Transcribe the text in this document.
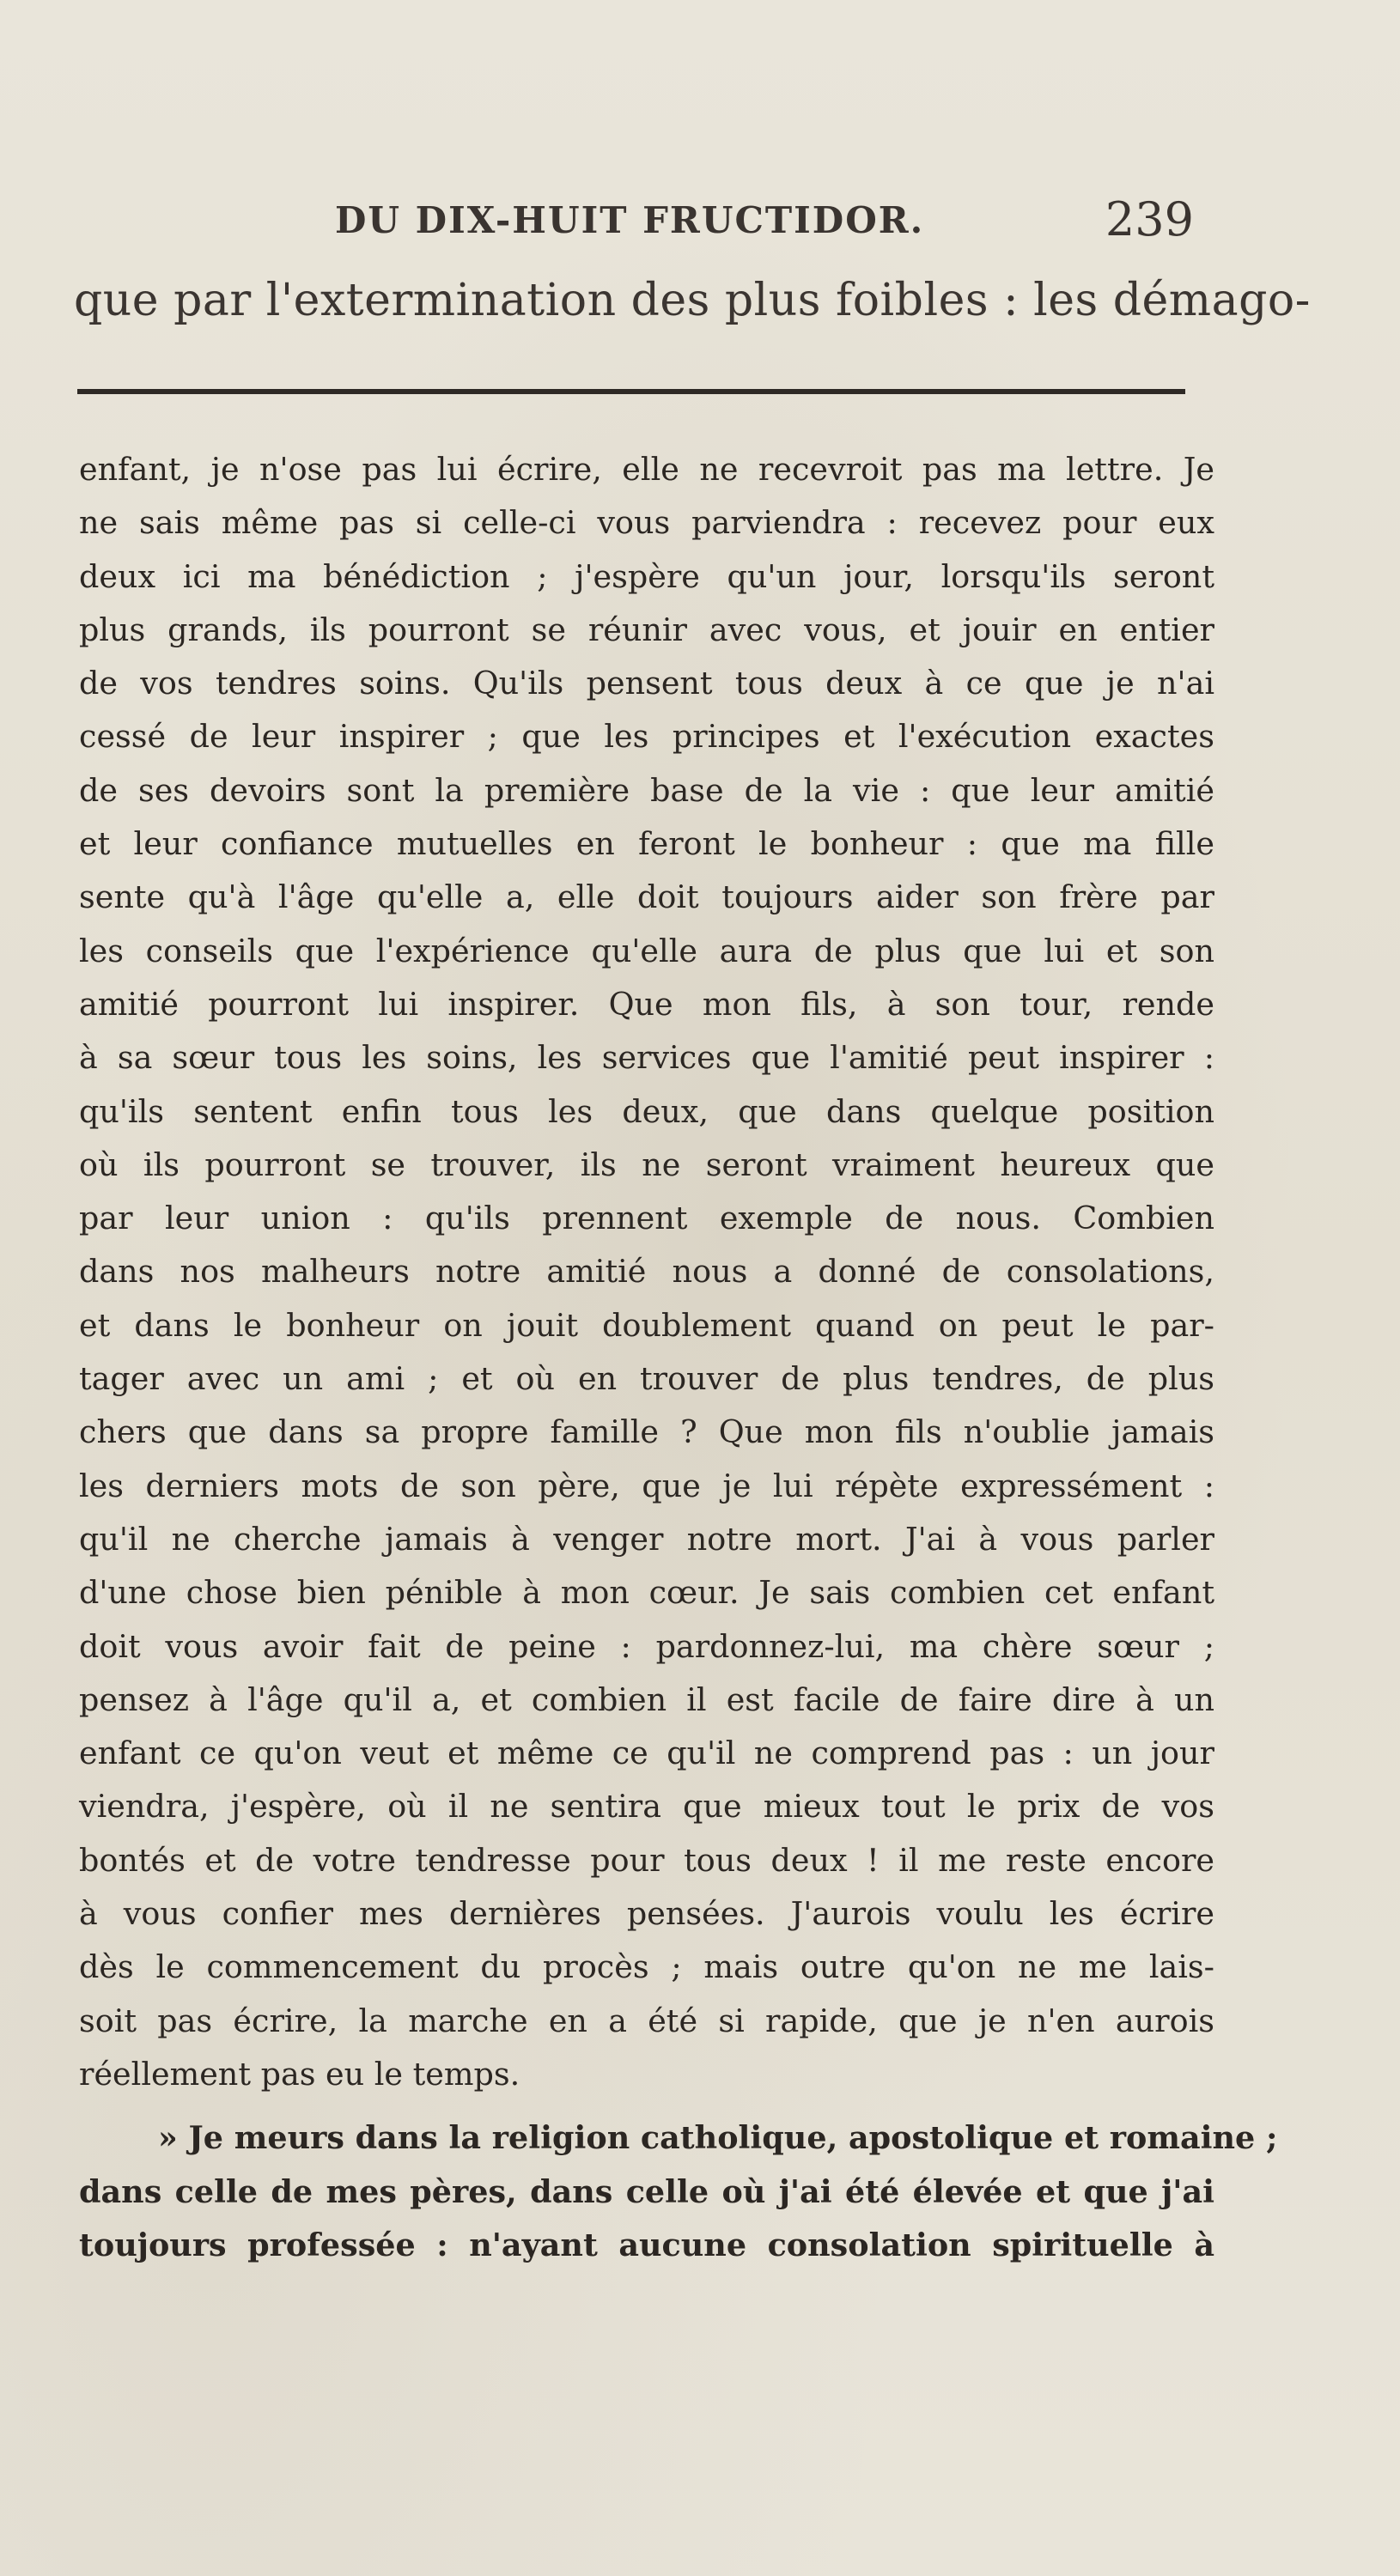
DU DIX-HUIT FRUCTIDOR.	239
que par l'extermination des plus foibles : les démago-
enfant, je n'ose pas lui écrire, elle ne recevroit pas ma lettre. Je
ne sais même pas si celle-ci vous parviendra : recevez pour eux
deux ici ma bénédiction ; j'espère qu'un jour, lorsqu'ils seront
plus grands, ils pourront se réunir avec vous, et jouir en entier
de vos tendres soins. Qu'ils pensent tous deux à ce que je n'ai
cessé de leur inspirer ; que les principes et l'exécution exactes
de ses devoirs sont la première base de la vie : que leur amitié
et leur confiance mutuelles en feront le bonheur : que ma fille
sente qu'à l'âge qu'elle a, elle doit toujours aider son frère par
les conseils que l'expérience qu'elle aura de plus que lui et son
amitié pourront lui inspirer. Que mon fils, à son tour, rende
à sa sœur tous les soins, les services que l'amitié peut inspirer :
qu'ils sentent enfin tous les deux, que dans quelque position
où ils pourront se trouver, ils ne seront vraiment heureux que
par leur union : qu'ils prennent exemple de nous. Combien
dans nos malheurs notre amitié nous a donné de consolations,
et dans le bonheur on jouit doublement quand on peut le par-
tager avec un ami ; et où en trouver de plus tendres, de plus
chers que dans sa propre famille ? Que mon fils n'oublie jamais
les derniers mots de son père, que je lui répète expressément :
qu'il ne cherche jamais à venger notre mort. J'ai à vous parler
d'une chose bien pénible à mon cœur. Je sais combien cet enfant
doit vous avoir fait de peine : pardonnez-lui, ma chère sœur ;
pensez à l'âge qu'il a, et combien il est facile de faire dire à un
enfant ce qu'on veut et même ce qu'il ne comprend pas : un jour
viendra, j'espère, où il ne sentira que mieux tout le prix de vos
bontés et de votre tendresse pour tous deux ! il me reste encore
à vous confier mes dernières pensées. J'aurois voulu les écrire
dès le commencement du procès ; mais outre qu'on ne me lais-
soit pas écrire, la marche en a été si rapide, que je n'en aurois
réellement pas eu le temps.
» Je meurs dans la religion catholique, apostolique et romaine ;
dans celle de mes pères, dans celle où j'ai été élevée et que j'ai
toujours professée : n'ayant aucune consolation spirituelle à
